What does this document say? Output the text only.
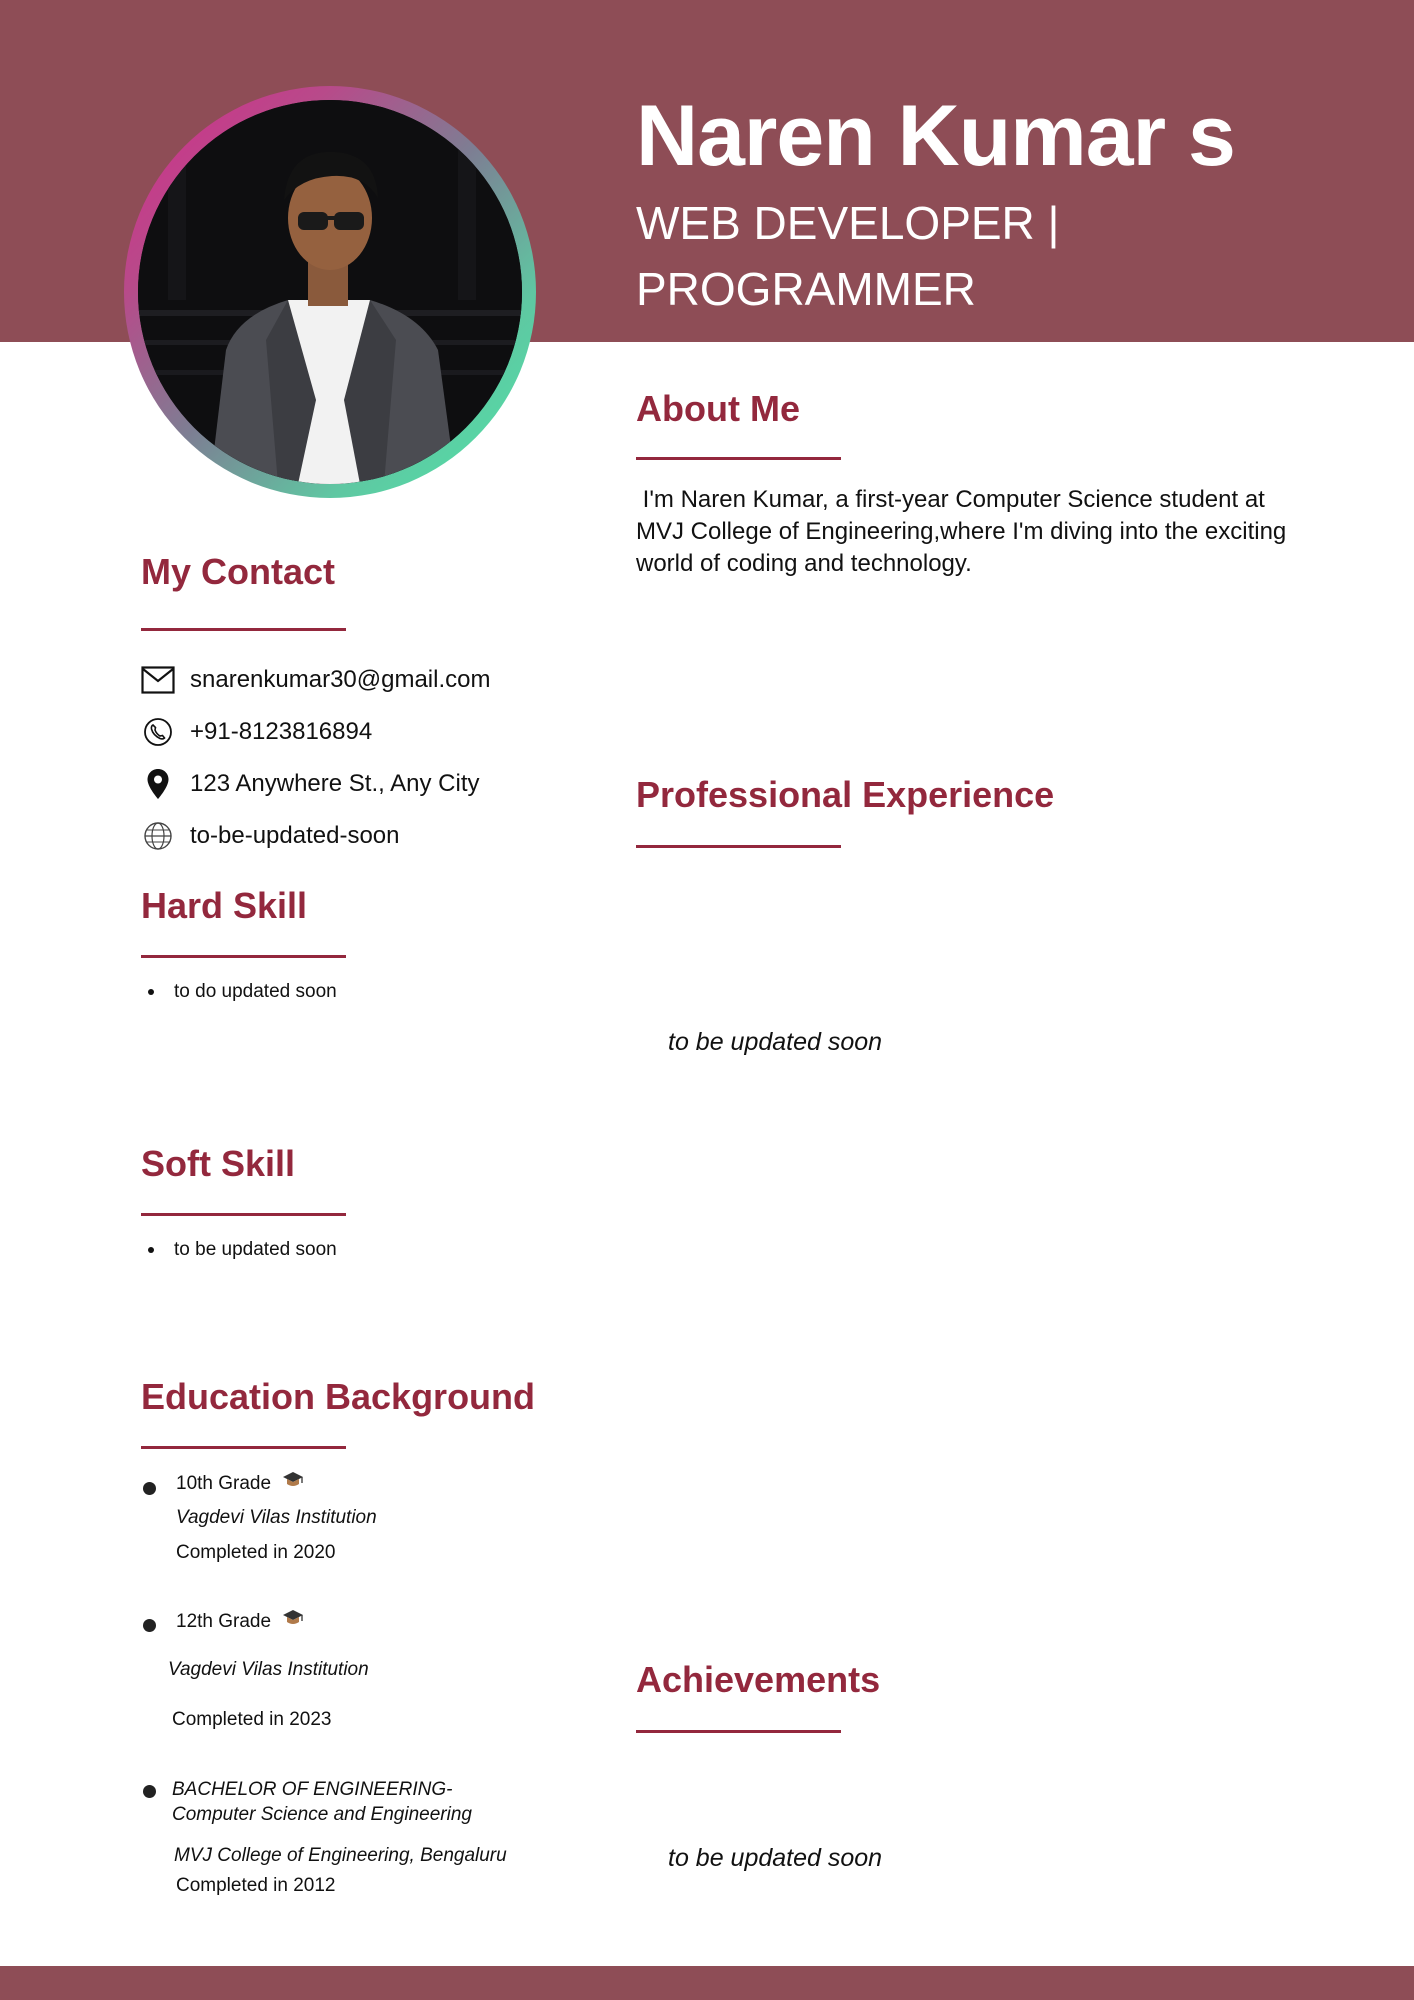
Naren Kumar s
WEB DEVELOPER | PROGRAMMER
About Me

I'm Naren Kumar, a first-year Computer Science student at MVJ College of Engineering,where I'm diving into the exciting world of coding and technology.

My Contact
snarenkumar30@gmail.com
+91-8123816894
123 Anywhere St., Any City
to-be-updated-soon
Hard Skill
to do updated soon
Professional Experience
to be updated soon
Soft Skill
to be updated soon
Education Background
10th Grade
Vagdevi Vilas Institution
Completed in 2020
12th Grade
Vagdevi Vilas Institution
Completed in 2023
BACHELOR OF ENGINEERING-
Computer Science and Engineering
MVJ College of Engineering, Bengaluru
Completed in 2012
Achievements
to be updated soon
